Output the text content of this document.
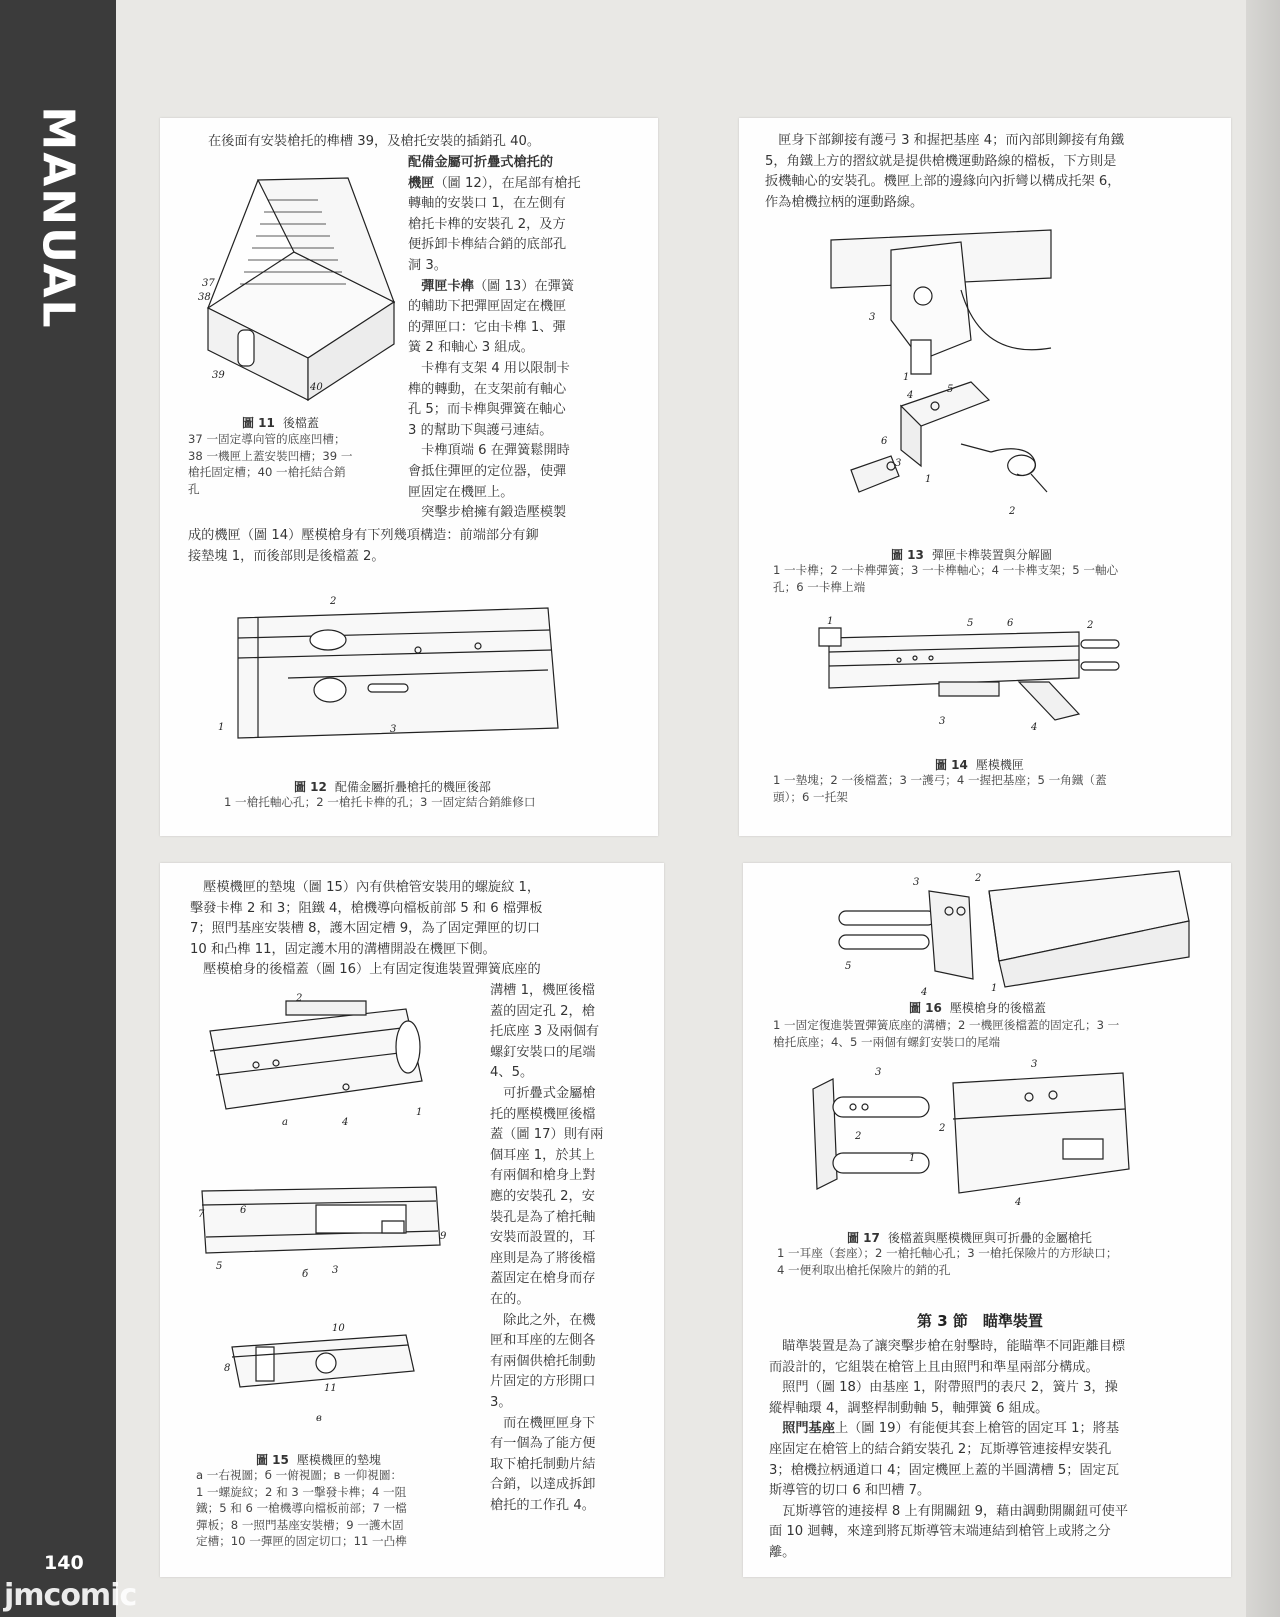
MANUAL
140
jmcomic
在後面有安裝槍托的榫槽 39，及槍托安裝的插銷孔 40。
配備金屬可折疊式槍托的
機匣（圖 12），在尾部有槍托
轉軸的安裝口 1，在左側有
槍托卡榫的安裝孔 2，及方
便拆卸卡榫結合銷的底部孔
洞 3。
　彈匣卡榫（圖 13）在彈簧
的輔助下把彈匣固定在機匣
的彈匣口：它由卡榫 1、彈
簧 2 和軸心 3 組成。
　卡榫有支架 4 用以限制卡
榫的轉動，在支架前有軸心
孔 5；而卡榫與彈簧在軸心
3 的幫助下與護弓連結。
　卡榫頂端 6 在彈簧鬆開時
會抵住彈匣的定位器，使彈
匣固定在機匣上。
　突擊步槍擁有鍛造壓模製
成的機匣（圖 14）壓模槍身有下列幾項構造：前端部分有鉚
接墊塊 1，而後部則是後檔蓋 2。
37
38
39
40
圖 11 後檔蓋
37 一固定導向管的底座凹槽；
38 一機匣上蓋安裝凹槽；39 一
槍托固定槽；40 一槍托結合銷
孔
2
1	3
圖 12 配備金屬折疊槍托的機匣後部
1 一槍托軸心孔；2 一槍托卡榫的孔；3 一固定結合銷維修口
　匣身下部鉚接有護弓 3 和握把基座 4；而內部則鉚接有角鐵
5，角鐵上方的摺紋就是提供槍機運動路線的檔板，下方則是
扳機軸心的安裝孔。機匣上部的邊緣向內折彎以構成托架 6，
作為槍機拉柄的運動路線。
3
1
4
5
6
1
3
2
圖 13 彈匣卡榫裝置與分解圖
1 一卡榫；2 一卡榫彈簧；3 一卡榫軸心；4 一卡榫支架；5 一軸心
孔；6 一卡榫上端
1	5	6	2
3
4
圖 14 壓模機匣
1 一墊塊；2 一後檔蓋；3 一護弓；4 一握把基座；5 一角鐵（蓋
頭）；6 一托架
　壓模機匣的墊塊（圖 15）內有供槍管安裝用的螺旋紋 1，
擊發卡榫 2 和 3；阻鐵 4，槍機導向檔板前部 5 和 6 檔彈板
7；照門基座安裝槽 8，護木固定槽 9，為了固定彈匣的切口
10 和凸榫 11，固定護木用的溝槽開設在機匣下側。
　壓模槍身的後檔蓋（圖 16）上有固定復進裝置彈簧底座的
溝槽 1，機匣後檔
蓋的固定孔 2，槍
托底座 3 及兩個有
螺釘安裝口的尾端
4、5。
　可折疊式金屬槍
托的壓模機匣後檔
蓋（圖 17）則有兩
個耳座 1，於其上
有兩個和槍身上對
應的安裝孔 2，安
裝孔是為了槍托軸
安裝而設置的，耳
座則是為了將後檔
蓋固定在槍身而存
在的。
　除此之外，在機
匣和耳座的左側各
有兩個供槍托制動
片固定的方形開口
3。
　而在機匣匣身下
有一個為了能方便
取下槍托制動片結
合銷，以達成拆卸
槍托的工作孔 4。
2
a	4
1
7	6
9
5
б 3
10
8
11
в
圖 15 壓模機匣的墊塊
a 一右視圖；б 一俯視圖；в 一仰視圖：
1 一螺旋紋；2 和 3 一擊發卡榫；4 一阻
鐵；5 和 6 一槍機導向檔板前部；7 一檔
彈板；8 一照門基座安裝槽；9 一護木固
定槽；10 一彈匣的固定切口；11 一凸榫
3	2
5
4	1
圖 16 壓模槍身的後檔蓋
1 一固定復進裝置彈簧底座的溝槽；2 一機匣後檔蓋的固定孔；3 一
槍托底座；4、5 一兩個有螺釘安裝口的尾端
3
2
1
3
2
4
圖 17 後檔蓋與壓模機匣與可折疊的金屬槍托
1 一耳座（套座）；2 一槍托軸心孔；3 一槍托保險片的方形缺口；
4 一便利取出槍托保險片的銷的孔
第 3 節　瞄準裝置
　瞄準裝置是為了讓突擊步槍在射擊時，能瞄準不同距離目標
而設計的，它組裝在槍管上且由照門和準星兩部分構成。
　照門（圖 18）由基座 1，附帶照門的表尺 2，簧片 3，操
縱桿軸環 4，調整桿制動軸 5，軸彈簧 6 組成。
　照門基座上（圖 19）有能便其套上槍管的固定耳 1；將基
座固定在槍管上的結合銷安裝孔 2；瓦斯導管連接桿安裝孔
3；槍機拉柄通道口 4；固定機匣上蓋的半圓溝槽 5；固定瓦
斯導管的切口 6 和凹槽 7。
　瓦斯導管的連接桿 8 上有開關鈕 9，藉由調動開關鈕可使平
面 10 迴轉，來達到將瓦斯導管末端連結到槍管上或將之分
離。
